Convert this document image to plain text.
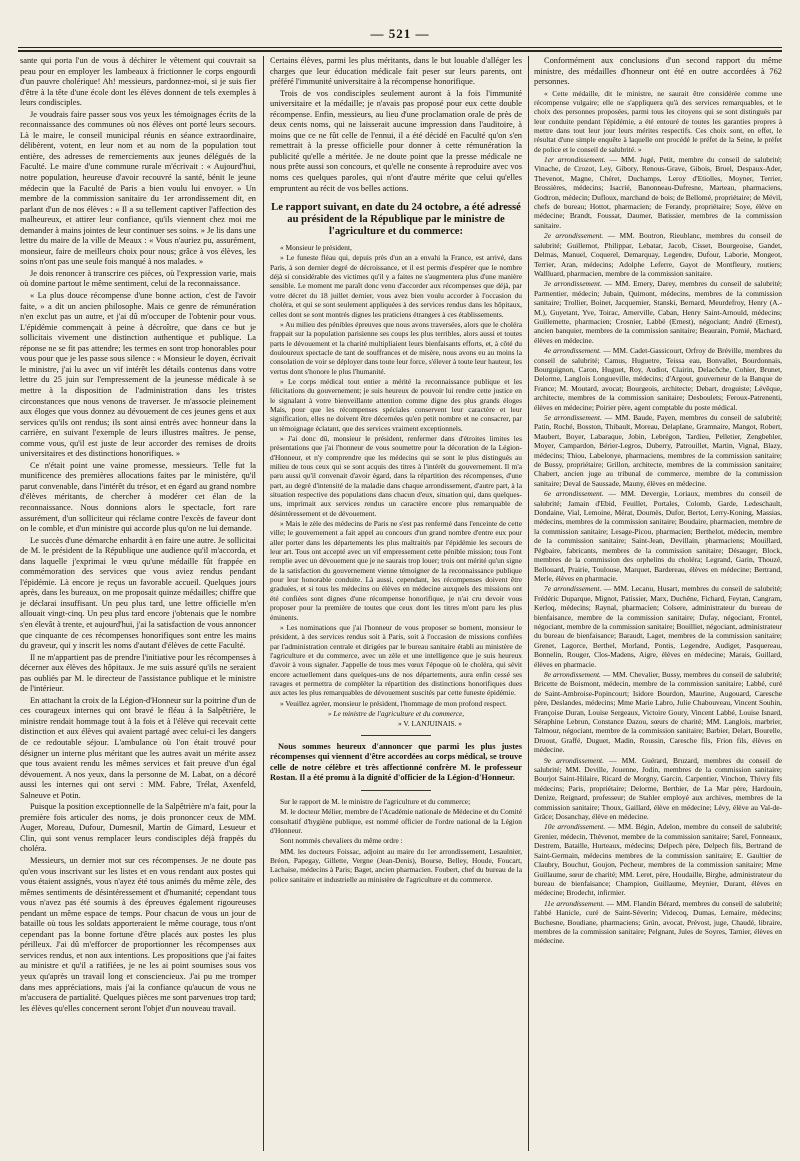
— 521 —

sante qui porta l'un de vous à déchirer le vêtement qui couvrait sa peau pour en employer les lambeaux à frictionner le corps engourdi d'un pauvre cholérique! Ah! messieurs, pardonnez-moi, si je suis fier d'être à la tête d'une école dont les élèves donnent de tels exemples à leurs condisciples.

Je voudrais faire passer sous vos yeux les témoignages écrits de la reconnaissance des communes où nos élèves ont porté leurs secours. Là le maire, le conseil municipal réunis en séance extraordinaire, délibèrent, votent, en leur nom et au nom de la population tout entière, des adresses de remerciements aux jeunes délégués de la Faculté. Le maire d'une commune rurale m'écrivait : « Aujourd'hui, notre population, heureuse d'avoir recouvré la santé, bénit le jeune médecin que la Faculté de Paris a bien voulu lui envoyer. » Un membre de la commission sanitaire du 1er arrondissement dit, en parlant d'un de nos élèves : « Il a su tellement captiver l'affection des malheureux, et attirer leur confiance, qu'ils viennent chez moi me demander à mains jointes de leur continuer ses soins. » Je lis dans une lettre du maire de la ville de Meaux : « Vous n'auriez pu, assurément, monsieur, faire de meilleurs choix pour nous; grâce à vos élèves, les soins n'ont pas une seule fois manqué à nos malades. »

Je dois renoncer à transcrire ces pièces, où l'expression varie, mais où domine partout le même sentiment, celui de la reconnaissance.

« La plus douce récompense d'une bonne action, c'est de l'avoir faite, » a dit un ancien philosophe. Mais ce genre de rémunération n'en exclut pas un autre, et j'ai dû m'occuper de l'obtenir pour vous. L'épidémie commençait à peine à décroître, que dans ce but je sollicitais vivement une distinction authentique et publique. La réponse ne se fit pas attendre; les termes en sont trop honorables pour vous pour que je les passe sous silence : « Monsieur le doyen, écrivait le ministre, j'ai lu avec un vif intérêt les détails contenus dans votre lettre du 25 juin sur l'empressement de la jeunesse médicale à se mettre à la disposition de l'administration dans les tristes circonstances que nous venons de traverser. Je m'associe pleinement aux éloges que vous donnez au dévouement de ces jeunes gens et aux services qu'ils ont rendus; ils sont ainsi entrés avec honneur dans la carrière, en suivant l'exemple de leurs illustres maîtres. Je pense, comme vous, qu'il est juste de leur accorder des remises de droits universitaires et des distinctions honorifiques. »

Ce n'était point une vaine promesse, messieurs. Telle fut la munificence des premières allocations faites par le ministère, qu'il parut convenable, dans l'intérêt du trésor, et en égard au grand nombre d'élèves méritants, de chercher à modérer cet élan de la reconnaissance. Nous donnions alors le spectacle, fort rare assurément, d'un solliciteur qui réclame contre l'excès de faveur dont on le comble, et d'un ministre qui accorde plus qu'on ne lui demande.

Le succès d'une démarche enhardit à en faire une autre. Je sollicitai de M. le président de la République une audience qu'il m'accorda, et dans laquelle j'exprimai le vœu qu'une médaille fût frappée en commémoration des services que vous aviez rendus pendant l'épidémie. Là encore je reçus un favorable accueil. Quelques jours après, dans les bureaux, on me proposait quinze médailles; chiffre que je déclarai insuffisant. Un peu plus tard, une lettre officielle m'en allouait vingt-cinq. Un peu plus tard encore j'obtenais que le nombre s'en élevât à trente, et aujourd'hui, j'ai la satisfaction de vous annoncer que cinquante de ces récompenses honorifiques sont entre les mains du graveur, qui y inscrit les noms d'autant d'élèves de cette Faculté.

Il ne m'appartient pas de prendre l'initiative pour les récompenses à décerner aux élèves des hôpitaux. Je me suis assuré qu'ils ne seraient pas oubliés par M. le directeur de l'assistance publique et le ministre de l'intérieur.

En attachant la croix de la Légion-d'Honneur sur la poitrine d'un de ces courageux internes qui ont bravé le fléau à la Salpêtrière, le ministre rendait hommage tout à la fois et à l'élève qui recevait cette distinction et aux élèves qui avaient partagé avec celui-ci les dangers de ce redoutable séjour. L'ambulance où l'on était trouvé pour désigner un interne plus méritant que les autres avait un mérite assez que tous avaient rendu les mêmes services et fait preuve d'un égal dévouement. A nos yeux, dans la personne de M. Labat, on a décoré aussi les internes qui ont servi : MM. Fabre, Trélat, Axenfeld, Salneuve et Potin.

Puisque la position exceptionnelle de la Salpêtrière m'a fait, pour la première fois articuler des noms, je dois prononcer ceux de MM. Auger, Moreau, Dufour, Dumesnil, Martin de Gimard, Lesueur et Clin, qui sont venus remplacer leurs condisciples déjà frappés du choléra.

Messieurs, un dernier mot sur ces récompenses. Je ne doute pas qu'en vous inscrivant sur les listes et en vous rendant aux postes qui vous étaient assignés, vous n'ayez été tous animés du même zèle, des mêmes sentiments de désintéressement et d'humanité; cependant tous vous n'avez pas été soumis à des épreuves également rigoureuses pendant un même espace de temps. Pour chacun de vous un jour de bataille où tous les soldats apporteraient le même courage, tous n'ont cependant pas la bonne fortune d'être placés aux postes les plus périlleux. J'ai dû m'efforcer de proportionner les récompenses aux services rendus, et non aux intentions. Les propositions que j'ai faites au ministre et qu'il a ratifiées, je ne les ai point soumises sous vos yeux qu'après un travail long et consciencieux. J'ai pu me tromper dans mes appréciations, mais j'ai la confiance qu'aucun de vous ne m'accusera de partialité. Quelques pièces me sont parvenues trop tard; les élèves qu'elles concernent seront l'objet d'un nouveau travail.

Certains élèves, parmi les plus méritants, dans le but louable d'alléger les charges que leur éducation médicale fait peser sur leurs parents, ont préféré l'immunité universitaire à la récompense honorifique.

Trois de vos condisciples seulement auront à la fois l'immunité universitaire et la médaille; je n'avais pas proposé pour eux cette double récompense. Enfin, messieurs, au lieu d'une proclamation orale de près de deux cents noms, qui ne laisserait aucune impression dans l'auditoire, à moins que ce ne fût celle de l'ennui, il a été décidé en Faculté qu'on s'en remettrait à la presse officielle pour donner à cette rémunération la publicité qu'elle a méritée. Je ne doute point que la presse médicale ne nous prête aussi son concours, et qu'elle ne consente à reproduire avec vos noms ces quelques paroles, qui n'ont d'autre mérite que celui qu'elles empruntent au récit de vos belles actions.

Le rapport suivant, en date du 24 octobre, a été adressé au président de la République par le ministre de l'agriculture et du commerce:

« Monsieur le président,

» Le funeste fléau qui, depuis près d'un an a envahi la France, est arrivé, dans Paris, à son dernier degré de décroissance, et il est permis d'espérer que le nombre déjà si considérable des victimes qu'il y a faites ne s'augmentera plus d'une manière sensible. Le moment me paraît donc venu d'accorder aux récompenses que déjà, par votre décret du 18 juillet dernier, vous avez bien voulu accorder à l'occasion du choléra, et qui se sont seulement appliquées à des services rendus dans les hôpitaux, celles dont se sont montrés dignes les praticiens étrangers à ces établissements.

» Au milieu des pénibles épreuves que nous avons traversées, alors que le choléra frappait sur la population parisienne ses coups les plus terribles, alors aussi et toutes parts le dévouement et la charité multipliaient leurs bienfaisants efforts, et, à côté du douloureux spectacle de tant de souffrances et de misère, nous avons eu au moins la consolation de voir se déployer dans toute leur force, s'élever à toute leur hauteur, les vertus dont s'honore le plus l'humanité.

» Le corps médical tout entier a mérité la reconnaissance publique et les félicitations du gouvernement; je suis heureux de pouvoir lui rendre cette justice en le signalant à votre bienveillante attention comme digne des plus grands éloges Mais, pour que les récompenses spéciales conservent leur caractère et leur signification, elles ne doivent être décernées qu'en petit nombre et ne consacrer, par un témoignage éclatant, que des services vraiment exceptionnels.

» J'ai donc dû, monsieur le président, renfermer dans d'étroites limites les présentations que j'ai l'honneur de vous soumettre pour la décoration de la Légion-d'Honneur, et n'y comprendre que les médecins qui se sont le plus distingués au milieu de tous ceux qui se sont acquis des titres à l'intérêt du gouvernement. Il m'a paru aussi qu'il convenait d'avoir égard, dans la répartition des récompenses, d'une part, au degré d'intensité de la maladie dans chaque arrondissement, d'autre part, à la situation respective des populations dans chacun d'eux, situation qui, dans quelques-uns, imprimait aux services rendus un caractère encore plus remarquable de désintéressement et de dévouement.

» Mais le zèle des médecins de Paris ne s'est pas renfermé dans l'enceinte de cette ville; le gouvernement a fait appel au concours d'un grand nombre d'entre eux pour aller porter dans les départements les plus maltraités par l'épidémie les secours de leur art. Tous ont accepté avec un vif empressement cette pénible mission; tous l'ont remplie avec un dévouement que je ne saurais trop louer; trois ont mérité qu'un signe de la satisfaction du gouvernement vienne témoigner de la reconnaissance publique pour leur honorable conduite. Là aussi, cependant, les récompenses doivent être graduées, et si tous les médecins ou élèves en médecine auxquels des missions ont été confiées sont dignes d'une récompense honorifique, je n'ai cru devoir vous proposer pour la première de toutes que ceux dont les titres m'ont paru les plus éminents.

» Les nominations que j'ai l'honneur de vous proposer se bornent, monsieur le président, à des services rendus soit à Paris, soit à l'occasion de missions confiées par l'administration centrale et dirigées par le bureau sanitaire établi au ministère de l'agriculture et du commerce, avec un zèle et une intelligence que je suis heureux d'avoir à vous signaler. J'appelle de tous mes vœux l'époque où le choléra, qui sévit encore actuellement dans quelques-uns de nos départements, aura enfin cessé ses ravages et permettra de compléter la répartition des distinctions honorifiques dues aux actes les plus remarquables de dévouement suscités par cette funeste épidémie.

» Veuillez agréer, monsieur le président, l'hommage de mon profond respect.

» Le ministre de l'agriculture et du commerce,

» V. LANJUINAIS. »

Nous sommes heureux d'annoncer que parmi les plus justes récompenses qui viennent d'être accordées au corps médical, se trouve celle de notre célèbre et très affectionné confrère M. le professeur Rostan. Il a été promu à la dignité d'officier de la Légion-d'Honneur.

Sur le rapport de M. le ministre de l'agriculture et du commerce;

M. le docteur Mélier, membre de l'Académie nationale de Médecine et du Comité consultatif d'hygiène publique, est nommé officier de l'ordre national de la Légion d'Honneur.

Sont nommés chevaliers du même ordre :

MM. les docteurs Foissac, adjoint au maire du 1er arrondissement, Lesaulnier, Bréon, Papegay, Gillette, Vergne (Jean-Denis), Bourse, Belley, Houde, Foucart, Lachaise, médecins à Paris; Baget, ancien pharmacien. Foubert, chef du bureau de la police sanitaire et industrielle au ministère de l'agriculture et du commerce.

Conformément aux conclusions d'un second rapport du même ministre, des médailles d'honneur ont été en outre accordées à 762 personnes.

« Cette médaille, dit le ministre, ne saurait être considérée comme une récompense vulgaire; elle ne s'appliquera qu'à des services remarquables, et le choix des personnes proposées, parmi tous les citoyens qui se sont distingués par leur conduite pendant l'épidémie, a été entouré de toutes les garanties propres à mettre dans tout leur jour leurs mérites respectifs. Ces choix sont, en effet, le résultat d'une simple enquête à laquelle ont procédé le préfet de la Seine, le préfet de police et le conseil de salubrité. »

1er arrondissement. — MM. Jugé, Petit, membre du conseil de salubrité; Vinache, de Crozot, Ley, Gibory, Renous-Grave, Gibois, Bruel, Despaux-Ader, Thevenot, Magne, Chéret, Duchamps, Leroy d'Etiolles, Moyner, Terrier, Brossières, médecins; Isacrié, Banonneau-Dufresne, Marteau, pharmaciens, Godtron, médecin; Dufloux, marchand de bois; de Bellomé, propriétaire; de Mévil, chefs de bureau; Hottot, pharmacien; de Ferandy, propriétaire; Soye, élève en médecine; Brandt, Foussat, Daumer, Batissier, membres de la commission sanitaire.

2e arrondissement. — MM. Boutron, Rieublanc, membres du conseil de salubrité; Guillemot, Philippar, Lebatar, Jacob, Cisset, Bourgeoise, Gandet, Delmas, Manuel, Coquerel, Demarquay, Legendre, Dufour, Laborie, Mongeot, Terrier, Aran, médecins; Adolphe Leferre, Gayot de Montfleury, routiers; Wallluard, pharmacien, membre de la commission sanitaire.

3e arrondissement. — MM. Emery, Darey, membres du conseil de salubrité; Parmentier, médecin; Jubain, Quimont, médecins, membres de la commission sanitaire; Trollier, Boinet, Jacquemier, Stanski, Bernard, Meurdefroy, Henry (A.-M.), Guyetant, Yve, Toirac, Amerville, Caban, Henry Saint-Arnould, médecins; Guillemette, pharmacien; Crosnier, Labbé (Ernest), négociant; André (Ernest), ancien banquier, membres de la commission sanitaire; Beaurain, Pomié, Machard, élèves en médecine.

4e arrondissement. — MM. Cadet-Gassicourt, Orfroy de Bréville, membres du conseil de salubrité; Camus, Huguetre, Teissa eau, Bonvallet, Bourdonnais, Bourguignon, Caron, Huguet, Roy, Audiot, Clairin, Delacôche, Cohier, Brunet, Delorme, Langlois Longueville, médecins; d'Argout, gouverneur de la Banque de France; M. Moutard, avocat; Bourgeois, architecte; Debart, droguiste; Lévêque, architecte, membres de la commission sanitaire; Desboulets; Feroux-Patrenenti, élèves en médecine; Poirier père, agent comptable du poste médical.

5e arrondissement. — MM. Baude, Payen, membres du conseil de salubrité; Patin, Roché, Bosston, Thibault, Moreau, Delaplane, Gramnaire, Mangot, Robert, Maubert, Boyer, Labaraque, Jobin, Lebrégon, Tardieu, Pelletier, Zengbehler, Moyer, Campardon, Bérier-Legros, Duberry, Patrouillet, Martin, Vignal, Blazy, médecins; Thiou, Labelonye, pharmaciens, membres de la commission sanitaire; de Bussy, propriétaire; Grillon, architecte, membres de la commission sanitaire; Chabert, ancien juge au tribunal de commerce, membre de la commission sanitaire; Deval de Saussade, Mauny, élèves en médecine.

6e arrondissement. — MM. Devergie, Loriaux, membres du conseil de salubrité; Jamain d'Ebid, Feuillet, Portales, Colomb, Garde, Ledeschault, Dondaine, Vial, Lemoine, Mérat, Doumès, Dufor, Bertot, Lerry-Koning, Massias, médecins, membres de la commission sanitaire; Boudaire, pharmacien, membre de la commission sanitaire; Lesage-Picou, pharmacien; Berthelot, médecin, membre de la commission sanitaire; Saint-Jean, Devillain, pharmaciens; Mouillard, Pégbaire, fabricants, membres de la commission sanitaire; Désauger, Block, membres de la commission des orphelins du choléra; Legrand, Garin, Thouzé, Bellouard, Prairie, Toulouse, Marquet, Bardereau, élèves en médecine; Bertrand, Merle, élèves en pharmacie.

7e arrondissement. — MM. Lecanu, Husart, membres du conseil de salubrité; Frédéric Duparque, Mignot, Patissier, Marx, Duchêne, Fichard, Feytan, Cangram, Kerloq, médecins; Raynal, pharmacien; Colsere, administrateur du bureau de bienfaisance, membre de la commission sanitaire; Dufay, négociant, Frontel, négociant, membre de la commission sanitaire; Bouilliet, négociant, administrateur du bureau de bienfaisance; Baraudt, Laget, membres de la commission sanitaire; Grenet, Lagorce, Berthel, Morland, Pontis, Legendre, Audiget, Pasquereau, Bonnelin, Rouger, Clos-Madens, Aigre, élèves en médecine; Marais, Guillard, élèves en pharmacie.

8e arrondissement. — MM. Chevalier, Bussy, membres du conseil de salubrité; Bricette de Boismont, médecin, membre de la commission sanitaire; Labbé, curé de Saint-Ambroise-Popincourt; Isidore Bourdon, Maurine, Augouard, Caresche père, Deslandes, médecins; Mme Marie Labro, Julie Chabouveau, Vincent Souhin, Françoise Duran, Louise Sergeaux, Victoire Goury, Vincent Labbé, Louise Isnard, Séraphine Lebrun, Constance Dazou, sœurs de charité; MM. Langlois, marbrier, Talmour, négociant, membre de la commission sanitaire; Barbier, Delart, Bourelle, Druout, Graffé, Duguet, Madin, Roussin, Caresche fils, Frion fils, élèves en médecine.

9e arrondissement. — MM. Guérard, Bruzard, membres du conseil de salubrité; MM. Deville, Jouenne, Jodin, membres de la commission sanitaire; Bourjot Saint-Hilaire, Ricard de Morgny, Garcin, Carpentier, Vinchon, Thivry fils médecins; Paris, propriétaire; Delorme, Berthier, de La Mar père, Hardouin, Denize, Reignard, professeur; de Stahler employé aux archives, membres de la commission sanitaire; Thoux, Gaillard, élève en médecine; Lévy, élève au Val-de-Grâce; Dosanchay, élève en médecine.

10e arrondissement. — MM. Bégin, Adelon, membre du conseil de salubrité; Grenier, médecin, Thévenot, membre de la commission sanitaire; Sarel, Fonneaux, Destrem, Bataille, Hurteaux, médecins; Delpech père, Delpech fils, Bertrand de Saint-Germain, médecins membres de la commission sanitaire; E. Gaultier de Claubry, Bouchut, Goujon, Pecheur, membres de la commission sanitaire; Mme Guillaume, sœur de charité; MM. Leret, père, Houdaille, Birghe, administrateur du bureau de bienfaisance; Champion, Guillaume, Meynier, Durant, élèves en médecine; Brodecht, infirmier.

11e arrondissement. — MM. Flandin Bérard, membres du conseil de salubrité; l'abbé Hanicle, curé de Saint-Séverin; Videcoq, Dumas, Lemaire, médecins; Buchesne, Boudiane, pharmaciens; Grün, avocat, Prévost, juge, Chaudé, libraire, membres de la commission sanitaire; Pelgnant, Jules de Soyres, Tarnier, élèves en médecine.
